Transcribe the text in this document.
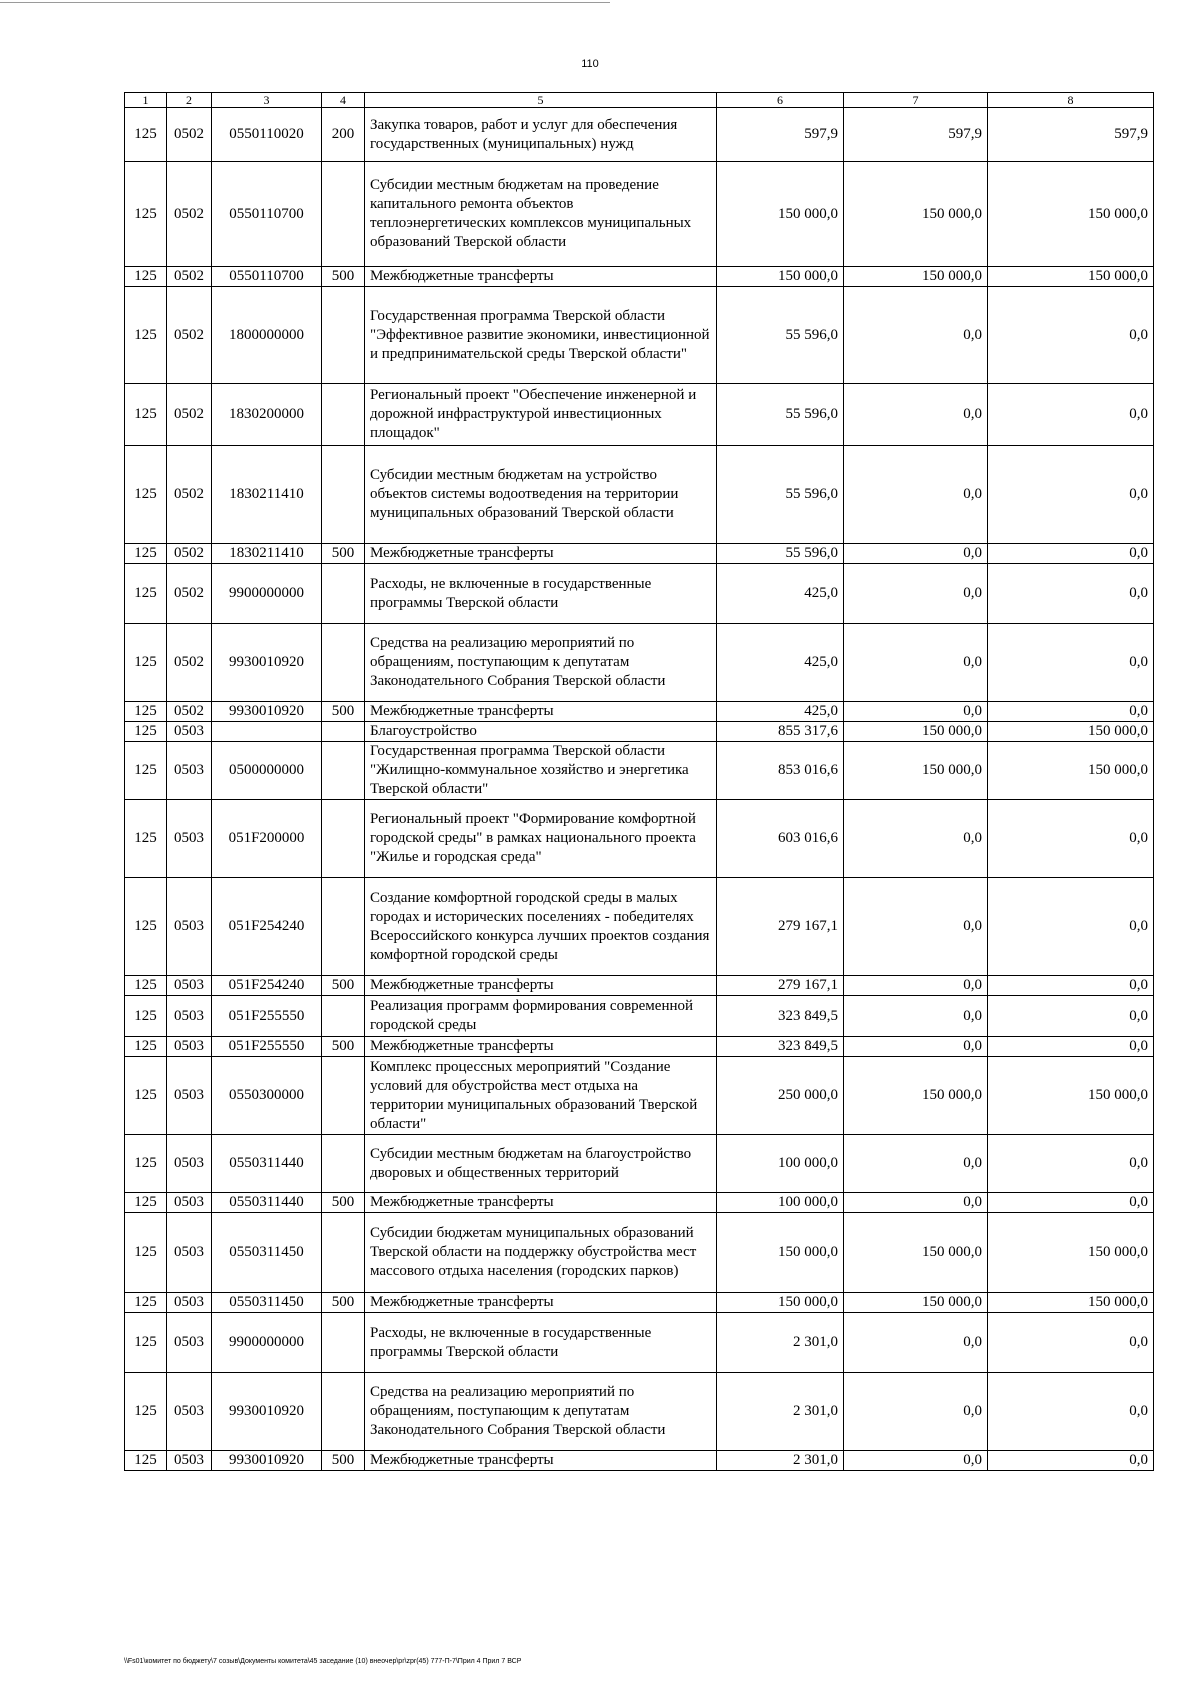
110
1	2	3	4	5	6	7	8
125	0502	0550110020	200	Закупка товаров, работ и услуг для обеспечения государственных (муниципальных) нужд	597,9	597,9	597,9
125	0502	0550110700		Субсидии местным бюджетам на проведение капитального ремонта объектов теплоэнергетических комплексов муниципальных образований Тверской области	150 000,0	150 000,0	150 000,0
125	0502	0550110700	500	Межбюджетные трансферты	150 000,0	150 000,0	150 000,0
125	0502	1800000000		Государственная программа Тверской области "Эффективное развитие экономики, инвестиционной и предпринимательской среды Тверской области"	55 596,0	0,0	0,0
125	0502	1830200000		Региональный проект "Обеспечение инженерной и дорожной инфраструктурой инвестиционных площадок"	55 596,0	0,0	0,0
125	0502	1830211410		Субсидии местным бюджетам на устройство объектов системы водоотведения на территории муниципальных образований Тверской области	55 596,0	0,0	0,0
125	0502	1830211410	500	Межбюджетные трансферты	55 596,0	0,0	0,0
125	0502	9900000000		Расходы, не включенные в государственные программы Тверской области	425,0	0,0	0,0
125	0502	9930010920		Средства на реализацию мероприятий по обращениям, поступающим к депутатам Законодательного Собрания Тверской области	425,0	0,0	0,0
125	0502	9930010920	500	Межбюджетные трансферты	425,0	0,0	0,0
125	0503			Благоустройство	855 317,6	150 000,0	150 000,0
125	0503	0500000000		Государственная программа Тверской области "Жилищно-коммунальное хозяйство и энергетика Тверской области"	853 016,6	150 000,0	150 000,0
125	0503	051F200000		Региональный проект "Формирование комфортной городской среды" в рамках национального проекта "Жилье и городская среда"	603 016,6	0,0	0,0
125	0503	051F254240		Создание комфортной городской среды в малых городах и исторических поселениях - победителях Всероссийского конкурса лучших проектов создания комфортной городской среды	279 167,1	0,0	0,0
125	0503	051F254240	500	Межбюджетные трансферты	279 167,1	0,0	0,0
125	0503	051F255550		Реализация программ формирования современной городской среды	323 849,5	0,0	0,0
125	0503	051F255550	500	Межбюджетные трансферты	323 849,5	0,0	0,0
125	0503	0550300000		Комплекс процессных мероприятий "Создание условий для обустройства мест отдыха на территории муниципальных образований Тверской области"	250 000,0	150 000,0	150 000,0
125	0503	0550311440		Субсидии местным бюджетам на благоустройство дворовых и общественных территорий	100 000,0	0,0	0,0
125	0503	0550311440	500	Межбюджетные трансферты	100 000,0	0,0	0,0
125	0503	0550311450		Субсидии бюджетам муниципальных образований Тверской области на поддержку обустройства мест массового отдыха населения (городских парков)	150 000,0	150 000,0	150 000,0
125	0503	0550311450	500	Межбюджетные трансферты	150 000,0	150 000,0	150 000,0
125	0503	9900000000		Расходы, не включенные в государственные программы Тверской области	2 301,0	0,0	0,0
125	0503	9930010920		Средства на реализацию мероприятий по обращениям, поступающим к депутатам Законодательного Собрания Тверской области	2 301,0	0,0	0,0
125	0503	9930010920	500	Межбюджетные трансферты	2 301,0	0,0	0,0
\\Fs01\комитет по бюджету\7 созыв\Документы комитета\45 заседание (10) внеочер\pr\zpr(45) 777-П-7\Прил 4 Прил 7 ВСР
